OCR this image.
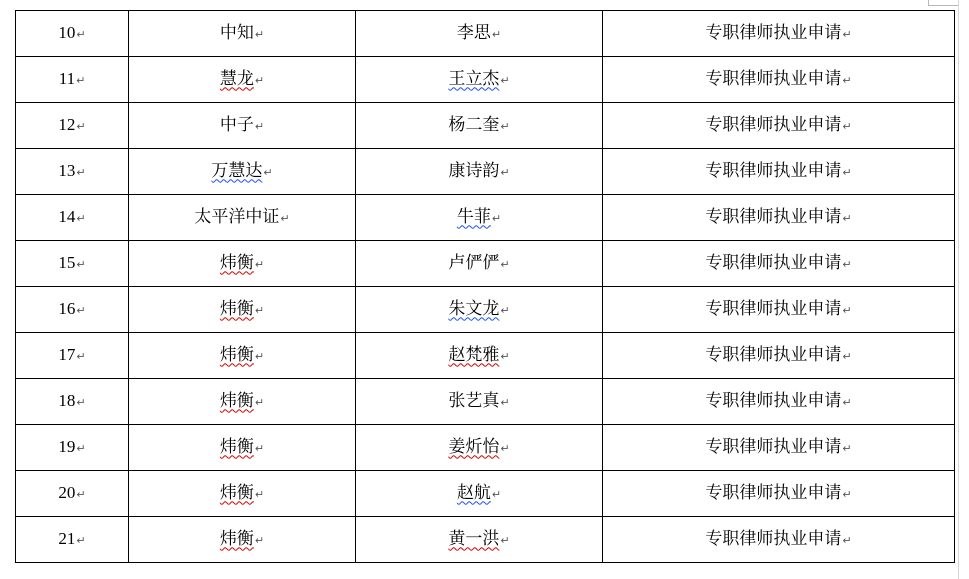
10↵	中知↵	李思↵	专职律师执业申请↵
11↵	慧龙↵	王立杰↵	专职律师执业申请↵
12↵	中子↵	杨二奎↵	专职律师执业申请↵
13↵	万慧达↵	康诗韵↵	专职律师执业申请↵
14↵	太平洋中证↵	牛菲↵	专职律师执业申请↵
15↵	炜衡↵	卢俨俨↵	专职律师执业申请↵
16↵	炜衡↵	朱文龙↵	专职律师执业申请↵
17↵	炜衡↵	赵梵雅↵	专职律师执业申请↵
18↵	炜衡↵	张艺真↵	专职律师执业申请↵
19↵	炜衡↵	姜炘怡↵	专职律师执业申请↵
20↵	炜衡↵	赵航↵	专职律师执业申请↵
21↵	炜衡↵	黄一洪↵	专职律师执业申请↵
